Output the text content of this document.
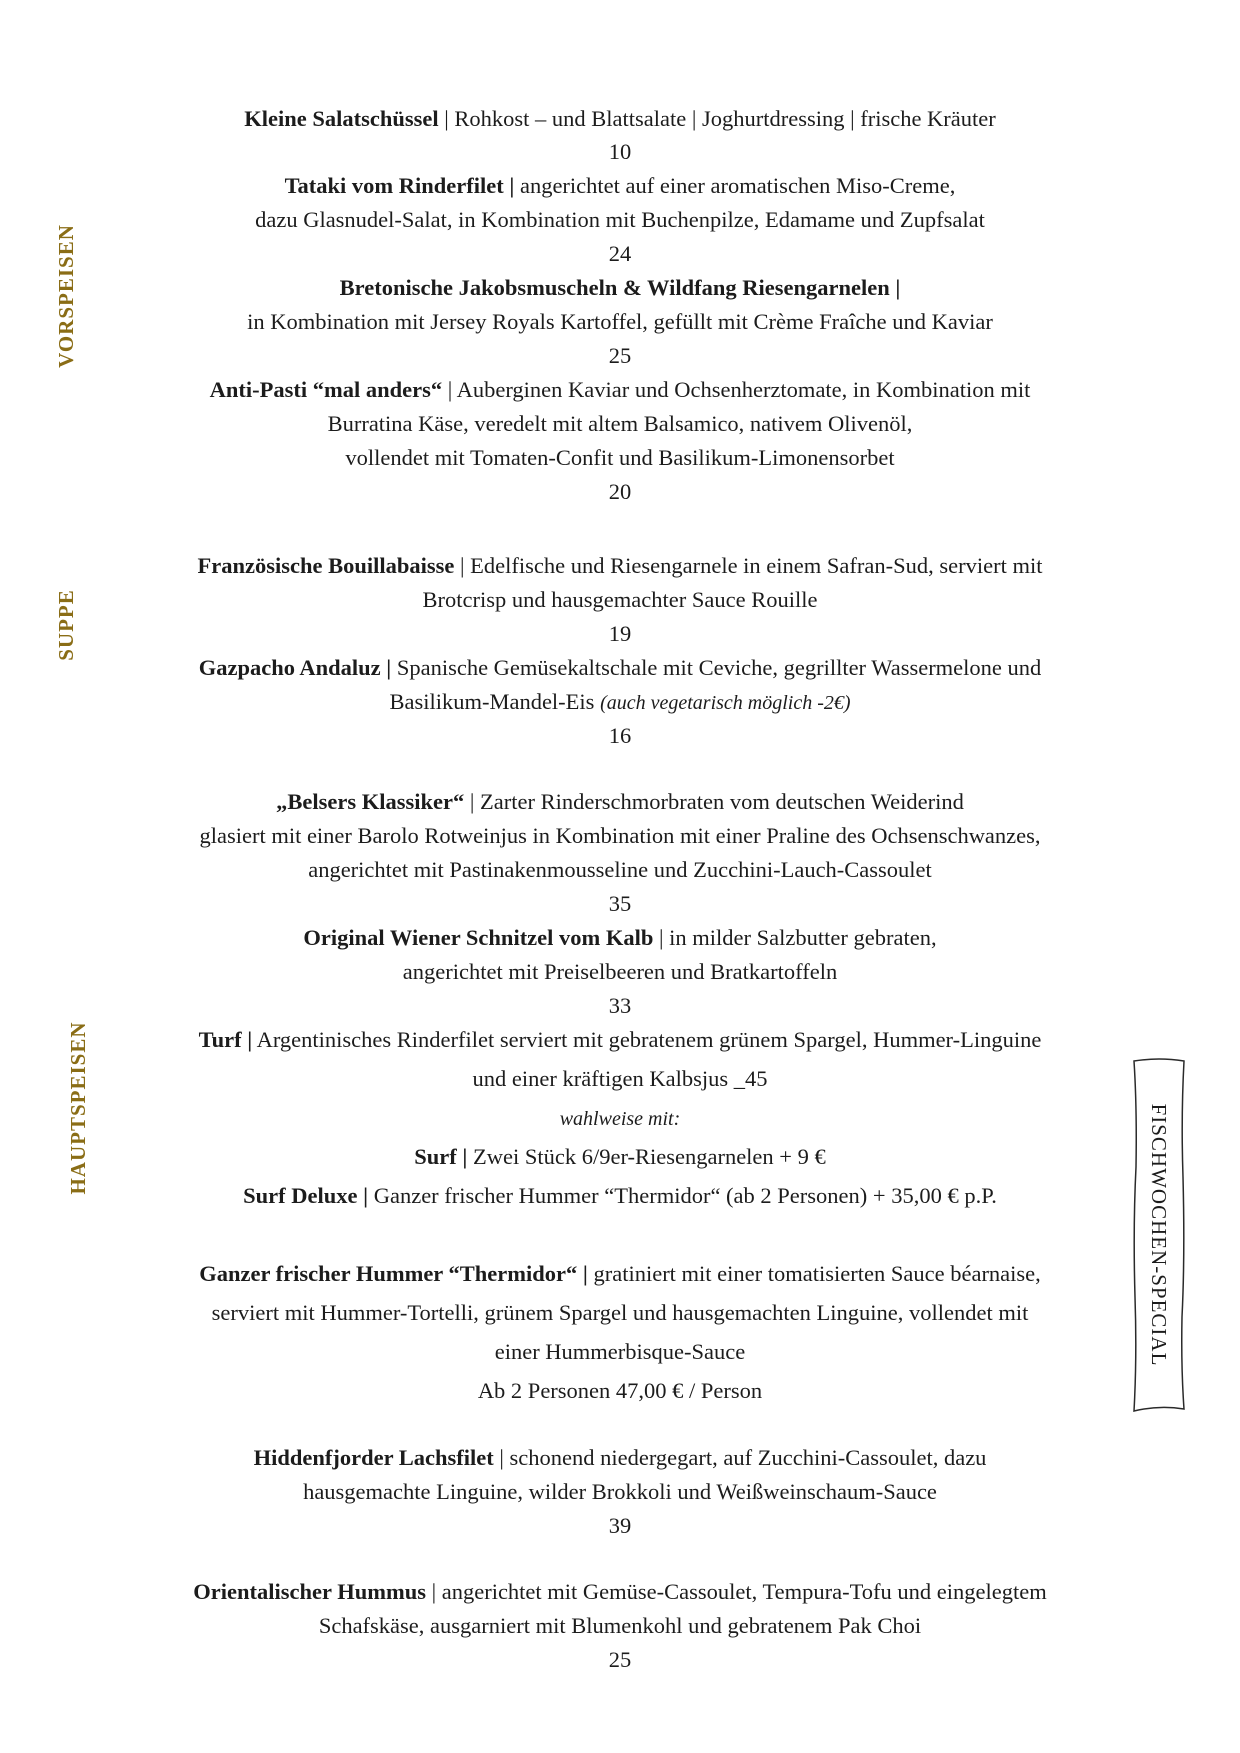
VORSPEISEN
SUPPE
HAUPTSPEISEN	FISCHWOCHEN-SPECIAL
Kleine Salatschüssel | Rohkost – und Blattsalate | Joghurtdressing | frische Kräuter
10
Tataki vom Rinderfilet | angerichtet auf einer aromatischen Miso-Creme,
dazu Glasnudel-Salat, in Kombination mit Buchenpilze, Edamame und Zupfsalat
24
Bretonische Jakobsmuscheln & Wildfang Riesengarnelen |
in Kombination mit Jersey Royals Kartoffel, gefüllt mit Crème Fraîche und Kaviar
25
Anti-Pasti “mal anders“ | Auberginen Kaviar und Ochsenherztomate, in Kombination mit
Burratina Käse, veredelt mit altem Balsamico, nativem Olivenöl,
vollendet mit Tomaten-Confit und Basilikum-Limonensorbet
20
Französische Bouillabaisse | Edelfische und Riesengarnele in einem Safran-Sud, serviert mit
Brotcrisp und hausgemachter Sauce Rouille
19
Gazpacho Andaluz | Spanische Gemüsekaltschale mit Ceviche, gegrillter Wassermelone und
Basilikum-Mandel-Eis (auch vegetarisch möglich -2€)
16
„Belsers Klassiker“ | Zarter Rinderschmorbraten vom deutschen Weiderind
glasiert mit einer Barolo Rotweinjus in Kombination mit einer Praline des Ochsenschwanzes,
angerichtet mit Pastinakenmousseline und Zucchini-Lauch-Cassoulet
35
Original Wiener Schnitzel vom Kalb | in milder Salzbutter gebraten,
angerichtet mit Preiselbeeren und Bratkartoffeln
33
Turf | Argentinisches Rinderfilet serviert mit gebratenem grünem Spargel, Hummer-Linguine
und einer kräftigen Kalbsjus _45
wahlweise mit:
Surf | Zwei Stück 6/9er-Riesengarnelen + 9 €
Surf Deluxe | Ganzer frischer Hummer “Thermidor“ (ab 2 Personen) + 35,00 € p.P.
Ganzer frischer Hummer “Thermidor“ | gratiniert mit einer tomatisierten Sauce béarnaise,
serviert mit Hummer-Tortelli, grünem Spargel und hausgemachten Linguine, vollendet mit
einer Hummerbisque-Sauce
Ab 2 Personen 47,00 € / Person
Hiddenfjorder Lachsfilet | schonend niedergegart, auf Zucchini-Cassoulet, dazu
hausgemachte Linguine, wilder Brokkoli und Weißweinschaum-Sauce
39
Orientalischer Hummus | angerichtet mit Gemüse-Cassoulet, Tempura-Tofu und eingelegtem
Schafskäse, ausgarniert mit Blumenkohl und gebratenem Pak Choi
25
